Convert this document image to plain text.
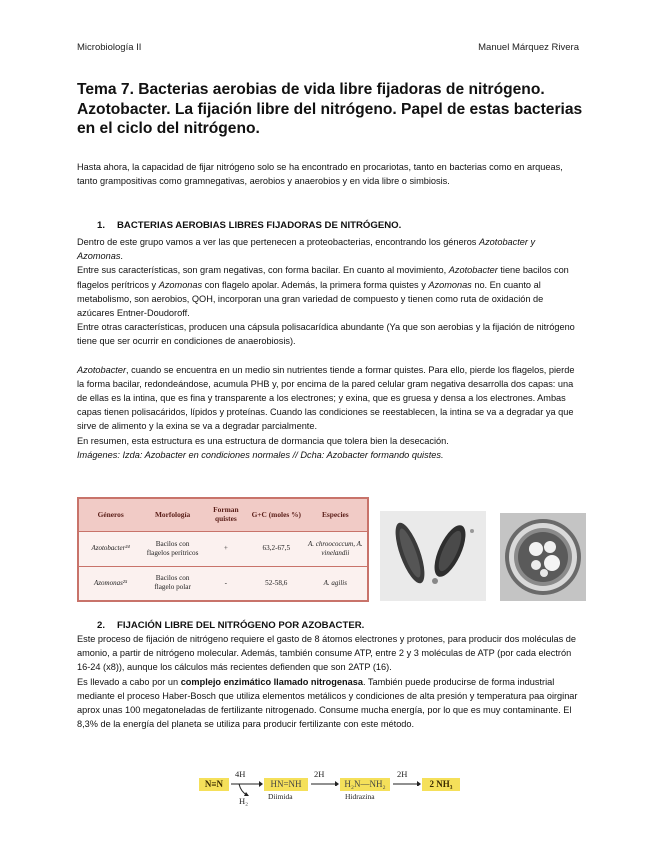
Microbiología II	Manuel Márquez Rivera
Tema 7. Bacterias aerobias de vida libre fijadoras de nitrógeno. Azotobacter. La fijación libre del nitrógeno. Papel de estas bacterias en el ciclo del nitrógeno.

Hasta ahora, la capacidad de fijar nitrógeno solo se ha encontrado en procariotas, tanto en bacterias como en arqueas, tanto grampositivas como gramnegativas, aerobios y anaerobios y en vida libre o simbiosis.

1. BACTERIAS AEROBIAS LIBRES FIJADORAS DE NITRÓGENO.

Dentro de este grupo vamos a ver las que pertenecen a proteobacterias, encontrando los géneros Azotobacter y Azomonas.

Entre sus características, son gram negativas, con forma bacilar. En cuanto al movimiento, Azotobacter tiene bacilos con flagelos perítricos y Azomonas con flagelo apolar. Además, la primera forma quistes y Azomonas no. En cuanto al metabolismo, son aerobios, QOH, incorporan una gran variedad de compuesto y tienen como ruta de oxidación de azúcares Entner-Doudoroff.

Entre otras características, producen una cápsula polisacarídica abundante (Ya que son aerobias y la fijación de nitrógeno tiene que ser ocurrir en condiciones de anaerobiosis).

Azotobacter, cuando se encuentra en un medio sin nutrientes tiende a formar quistes. Para ello, pierde los flagelos, pierde la forma bacilar, redondeándose, acumula PHB y, por encima de la pared celular gram negativa desarrolla dos capas: una de ellas es la intina, que es fina y transparente a los electrones; y exina, que es gruesa y densa a los electrones. Ambas capas tienen polisacáridos, lípidos y proteínas. Cuando las condiciones se reestablecen, la intina se va a degradar ya que sirve de alimento y la exina se va a degradar parcialmente.

En resumen, esta estructura es una estructura de dormancia que tolera bien la desecación.

Imágenes: Izda: Azobacter en condiciones normales // Dcha: Azobacter formando quistes.

Géneros	Morfología	Forman quistes	G+C (moles %)	Especies
Azotobacter²⁴	Bacilos con flagelos perítricos	+	63,2-67,5	A. chroococcum, A. vinelandii
Azomonas²⁵	Bacilos con flagelo polar	-	52-58,6	A. agilis
2. FIJACIÓN LIBRE DEL NITRÓGENO POR AZOBACTER.

Este proceso de fijación de nitrógeno requiere el gasto de 8 átomos electrones y protones, para producir dos moléculas de amonio, a partir de nitrógeno molecular. Además, también consume ATP, entre 2 y 3 moléculas de ATP (por cada electrón 16-24 (x8)), aunque los cálculos más recientes defienden que son 2ATP (16).

Es llevado a cabo por un complejo enzimático llamado nitrogenasa. También puede producirse de forma industrial mediante el proceso Haber-Bosch que utiliza elementos metálicos y condiciones de alta presión y temperatura paa oirginar aprox unas 100 megatoneladas de fertilizante nitrogenado. Consume mucha energía, por lo que es muy contaminante. El 8,3% de la energía del planeta se utiliza para producir fertilizante con este método.

N≡N
4H
H₂
HN=NH
Diimida
2H
H₂N—NH₂
Hidrazina
2H
2 NH₃
